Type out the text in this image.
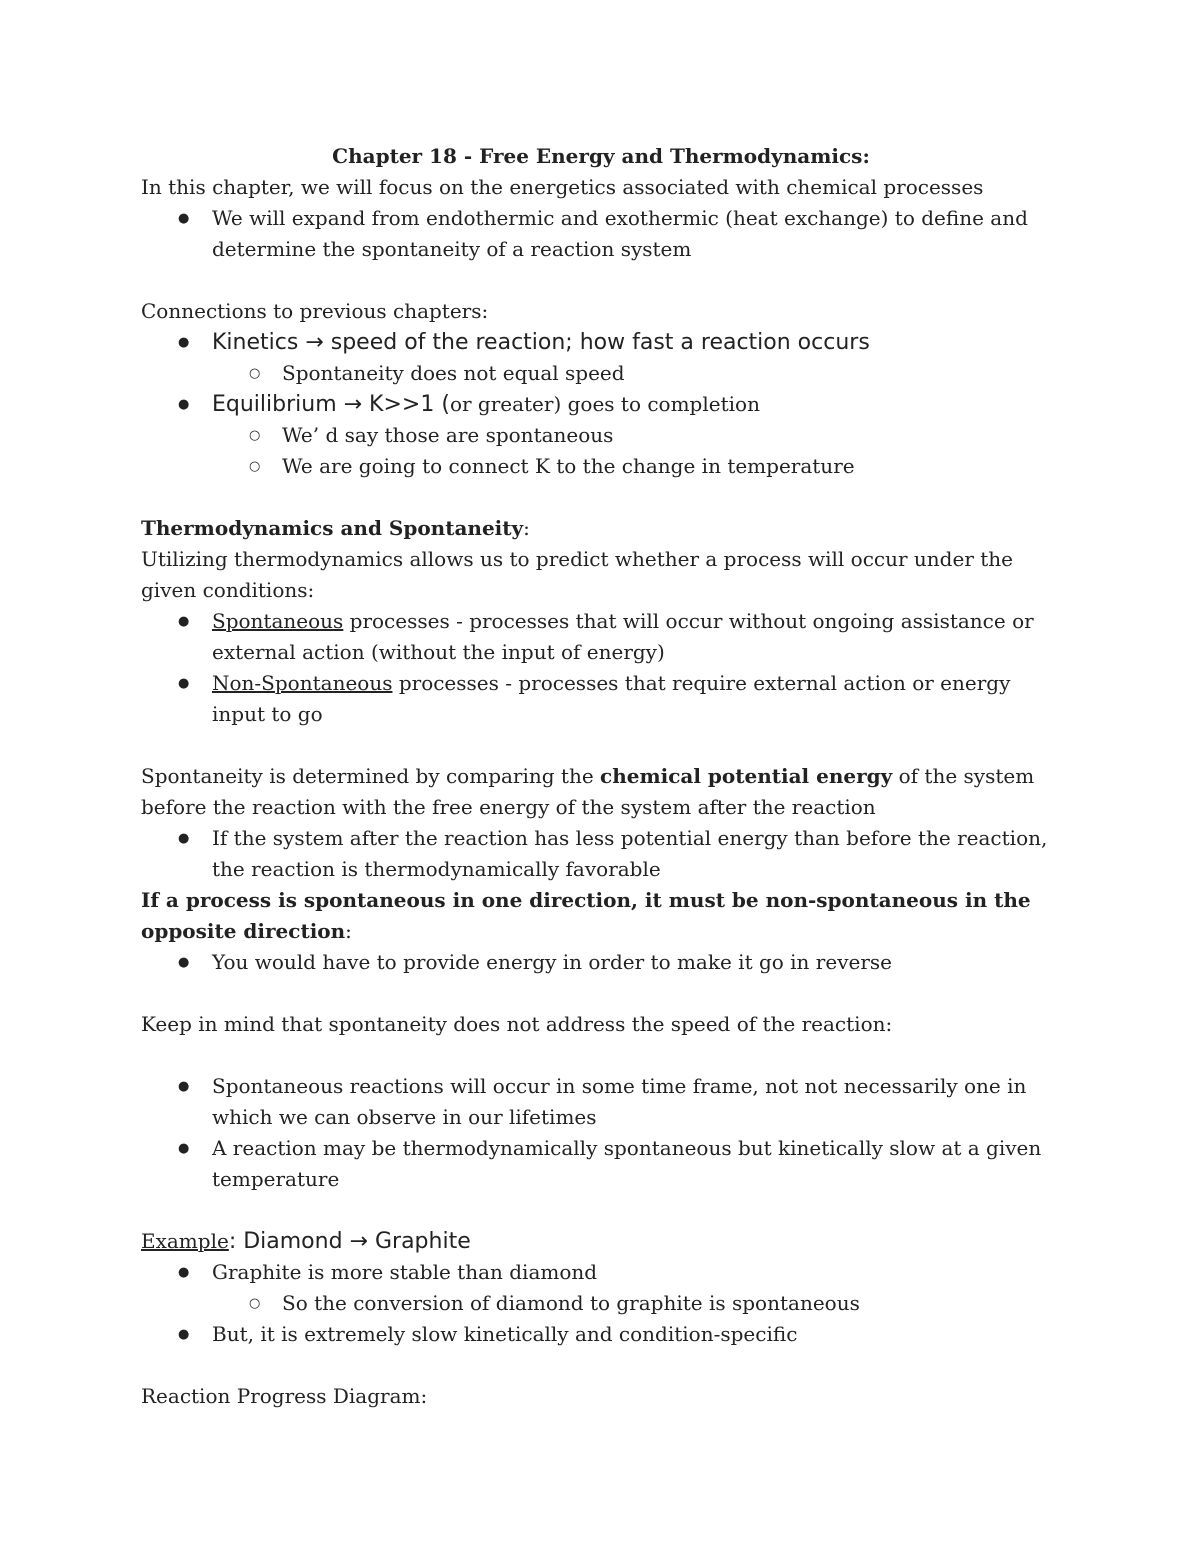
Chapter 18 - Free Energy and Thermodynamics:

In this chapter, we will focus on the energetics associated with chemical processes

● We will expand from endothermic and exothermic (heat exchange) to define and determine the spontaneity of a reaction system

Connections to previous chapters:

● Kinetics → speed of the reaction; how fast a reaction occurs
○ Spontaneity does not equal speed
● Equilibrium → K>>1 (or greater) goes to completion
○ We’ d say those are spontaneous
○ We are going to connect K to the change in temperature

Thermodynamics and Spontaneity:

Utilizing thermodynamics allows us to predict whether a process will occur under the given conditions:

● Spontaneous processes - processes that will occur without ongoing assistance or external action (without the input of energy)
● Non-Spontaneous processes - processes that require external action or energy input to go

Spontaneity is determined by comparing the chemical potential energy of the system before the reaction with the free energy of the system after the reaction

● If the system after the reaction has less potential energy than before the reaction, the reaction is thermodynamically favorable

If a process is spontaneous in one direction, it must be non-spontaneous in the opposite direction:

● You would have to provide energy in order to make it go in reverse

Keep in mind that spontaneity does not address the speed of the reaction:

● Spontaneous reactions will occur in some time frame, not not necessarily one in which we can observe in our lifetimes
● A reaction may be thermodynamically spontaneous but kinetically slow at a given temperature

Example: Diamond → Graphite

● Graphite is more stable than diamond
○ So the conversion of diamond to graphite is spontaneous
● But, it is extremely slow kinetically and condition-specific

Reaction Progress Diagram:
